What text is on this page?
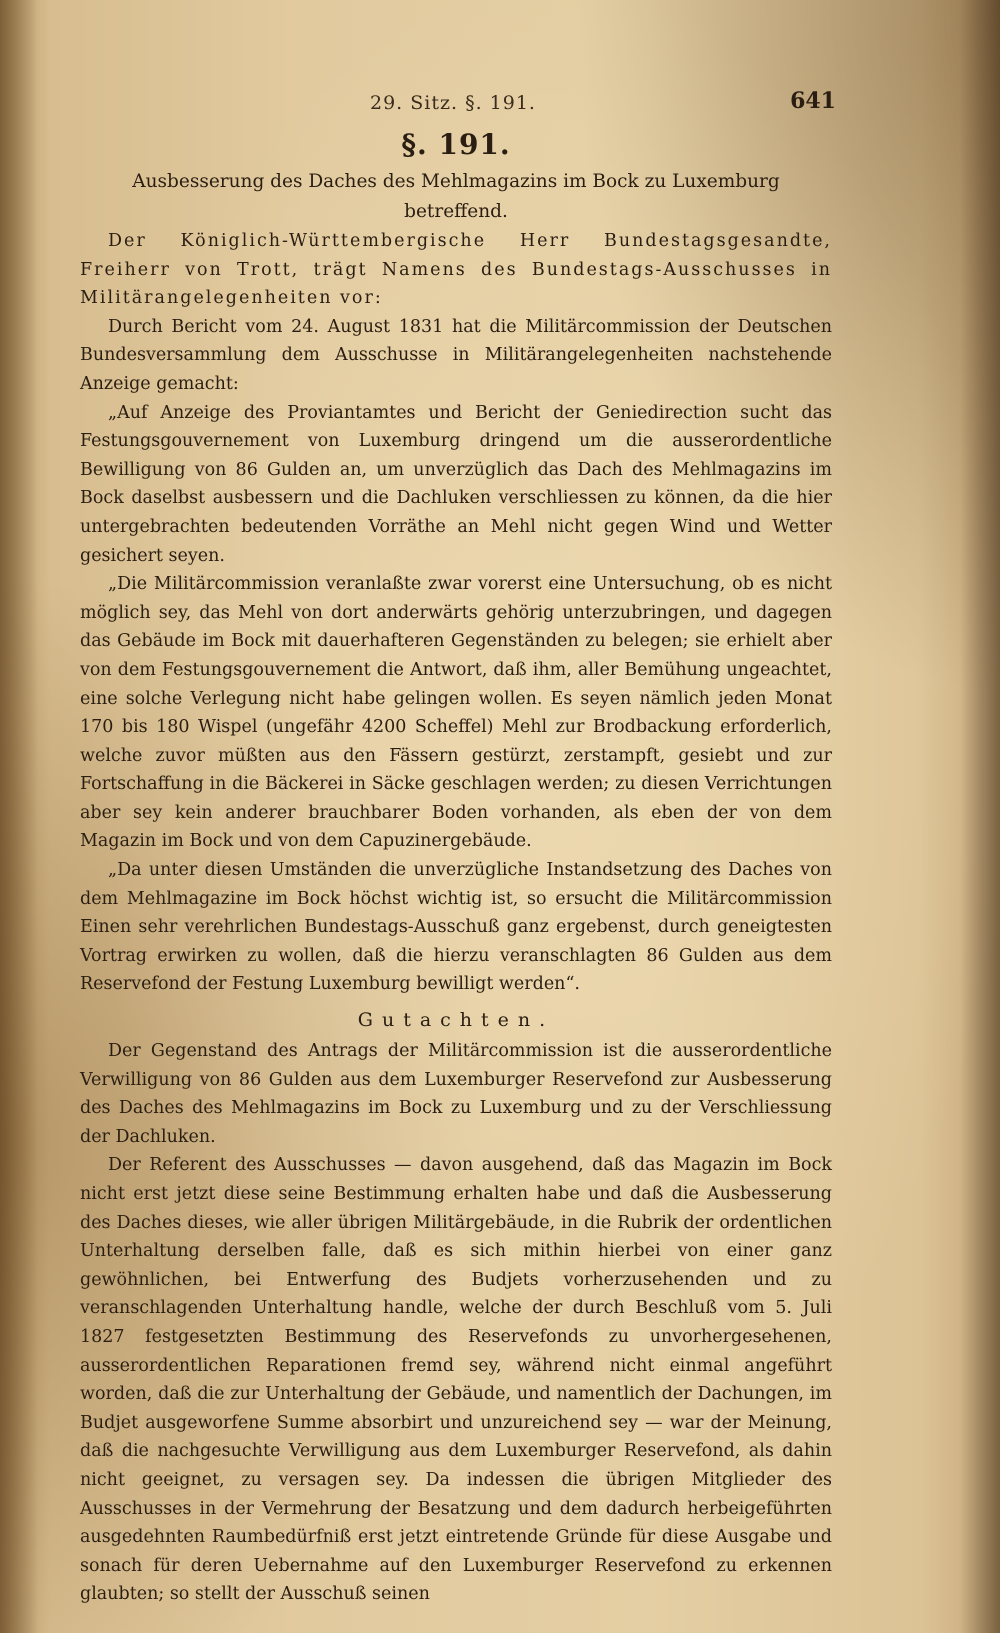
29. Sitz. §. 191.	641
§. 191.
Ausbesserung des Daches des Mehlmagazins im Bock zu Luxemburg betreffend.

Der Königlich-Württembergische Herr Bundestagsgesandte, Freiherr von Trott, trägt Namens des Bundestags-Ausschusses in Militärangelegenheiten vor:

Durch Bericht vom 24. August 1831 hat die Militärcommission der Deutschen Bundesversammlung dem Ausschusse in Militärangelegenheiten nachstehende Anzeige gemacht:

„Auf Anzeige des Proviantamtes und Bericht der Geniedirection sucht das Festungsgouvernement von Luxemburg dringend um die ausserordentliche Bewilligung von 86 Gulden an, um unverzüglich das Dach des Mehlmagazins im Bock daselbst ausbessern und die Dachluken verschliessen zu können, da die hier untergebrachten bedeutenden Vorräthe an Mehl nicht gegen Wind und Wetter gesichert seyen.

„Die Militärcommission veranlaßte zwar vorerst eine Untersuchung, ob es nicht möglich sey, das Mehl von dort anderwärts gehörig unterzubringen, und dagegen das Gebäude im Bock mit dauerhafteren Gegenständen zu belegen; sie erhielt aber von dem Festungsgouvernement die Antwort, daß ihm, aller Bemühung ungeachtet, eine solche Verlegung nicht habe gelingen wollen. Es seyen nämlich jeden Monat 170 bis 180 Wispel (ungefähr 4200 Scheffel) Mehl zur Brodbackung erforderlich, welche zuvor müßten aus den Fässern gestürzt, zerstampft, gesiebt und zur Fortschaffung in die Bäckerei in Säcke geschlagen werden; zu diesen Verrichtungen aber sey kein anderer brauchbarer Boden vorhanden, als eben der von dem Magazin im Bock und von dem Capuzinergebäude.

„Da unter diesen Umständen die unverzügliche Instandsetzung des Daches von dem Mehlmagazine im Bock höchst wichtig ist, so ersucht die Militärcommission Einen sehr verehrlichen Bundestags-Ausschuß ganz ergebenst, durch geneigtesten Vortrag erwirken zu wollen, daß die hierzu veranschlagten 86 Gulden aus dem Reservefond der Festung Luxemburg bewilligt werden“.

Gutachten.

Der Gegenstand des Antrags der Militärcommission ist die ausserordentliche Verwilligung von 86 Gulden aus dem Luxemburger Reservefond zur Ausbesserung des Daches des Mehlmagazins im Bock zu Luxemburg und zu der Verschliessung der Dachluken.

Der Referent des Ausschusses — davon ausgehend, daß das Magazin im Bock nicht erst jetzt diese seine Bestimmung erhalten habe und daß die Ausbesserung des Daches dieses, wie aller übrigen Militärgebäude, in die Rubrik der ordentlichen Unterhaltung derselben falle, daß es sich mithin hierbei von einer ganz gewöhnlichen, bei Entwerfung des Budjets vorherzusehenden und zu veranschlagenden Unterhaltung handle, welche der durch Beschluß vom 5. Juli 1827 festgesetzten Bestimmung des Reservefonds zu unvorhergesehenen, ausserordentlichen Reparationen fremd sey, während nicht einmal angeführt worden, daß die zur Unterhaltung der Gebäude, und namentlich der Dachungen, im Budjet ausgeworfene Summe absorbirt und unzureichend sey — war der Meinung, daß die nachgesuchte Verwilligung aus dem Luxemburger Reservefond, als dahin nicht geeignet, zu versagen sey. Da indessen die übrigen Mitglieder des Ausschusses in der Vermehrung der Besatzung und dem dadurch herbeigeführten ausgedehnten Raumbedürfniß erst jetzt eintretende Gründe für diese Ausgabe und sonach für deren Uebernahme auf den Luxemburger Reservefond zu erkennen glaubten; so stellt der Ausschuß seinen
